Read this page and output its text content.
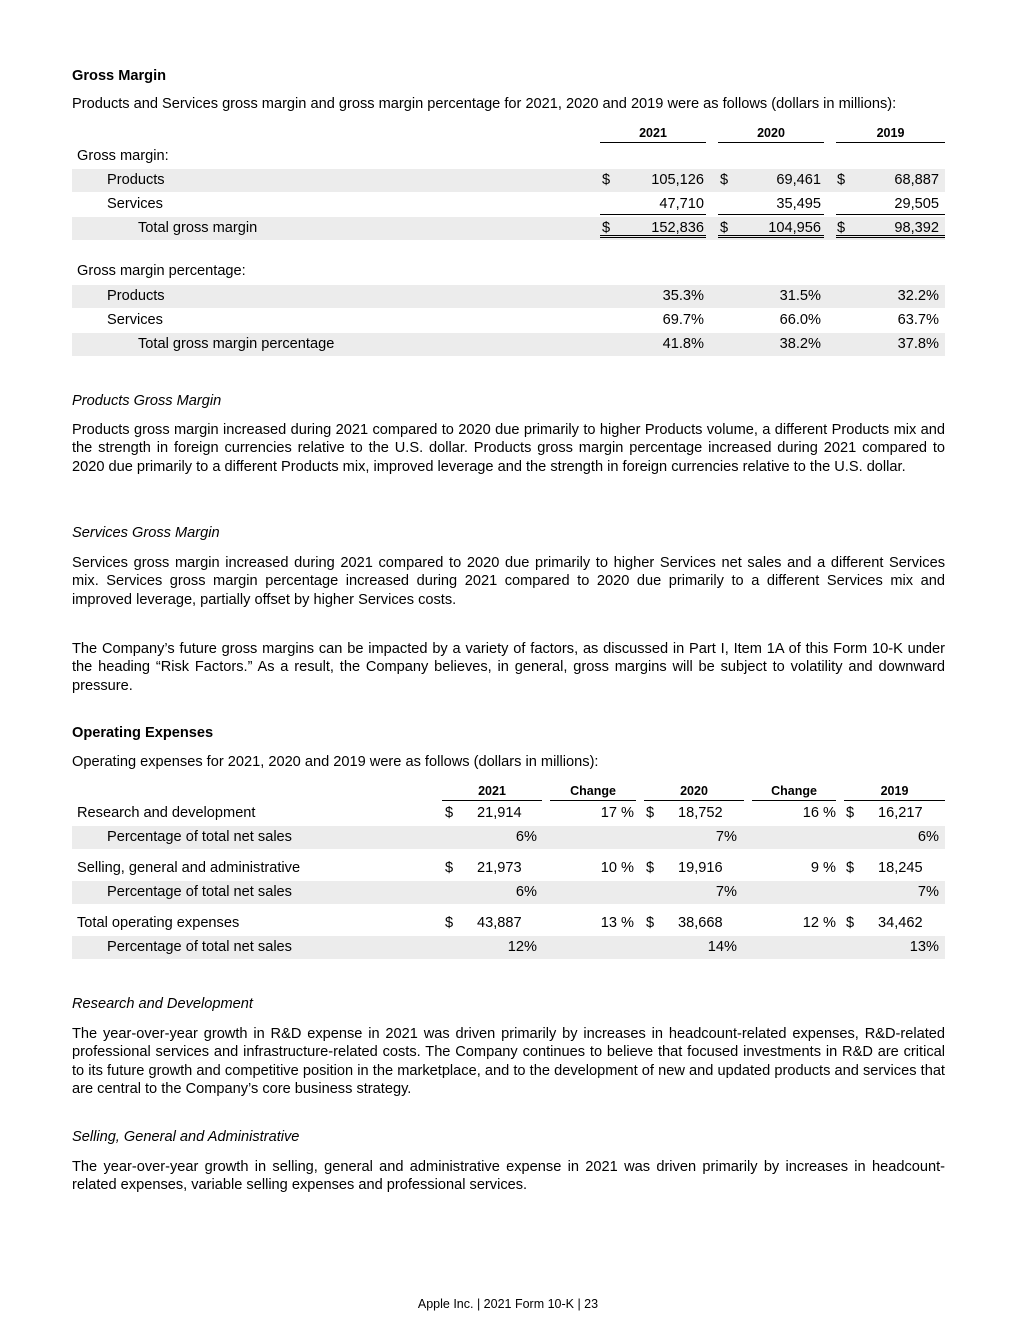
Gross Margin
Products and Services gross margin and gross margin percentage for 2021, 2020 and 2019 were as follows (dollars in millions):
2021	2020	2019
Gross margin:
Products	$	105,126 $	69,461 $	68,887
Services	47,710	35,495	29,505
Total gross margin	$	152,836 $	104,956 $	98,392
Gross margin percentage:
Products	35.3%	31.5%	32.2%
Services	69.7%	66.0%	63.7%
Total gross margin percentage	41.8%	38.2%	37.8%
Products Gross Margin
Products gross margin increased during 2021 compared to 2020 due primarily to higher Products volume, a different Products mix and the strength in foreign currencies relative to the U.S. dollar. Products gross margin percentage increased during 2021 compared to 2020 due primarily to a different Products mix, improved leverage and the strength in foreign currencies relative to the U.S. dollar.
Services Gross Margin
Services gross margin increased during 2021 compared to 2020 due primarily to higher Services net sales and a different Services mix. Services gross margin percentage increased during 2021 compared to 2020 due primarily to a different Services mix and improved leverage, partially offset by higher Services costs.
The Company’s future gross margins can be impacted by a variety of factors, as discussed in Part I, Item 1A of this Form 10-K under the heading “Risk Factors.” As a result, the Company believes, in general, gross margins will be subject to volatility and downward pressure.
Operating Expenses
Operating expenses for 2021, 2020 and 2019 were as follows (dollars in millions):
2021	Change	2020	Change	2019
Research and development	$ 21,914	17 % $ 18,752	16 % $ 16,217
Percentage of total net sales	6%	7%	6%
Selling, general and administrative	$ 21,973	10 % $ 19,916	9 % $ 18,245
Percentage of total net sales	6%	7%	7%
Total operating expenses	$ 43,887	13 % $ 38,668	12 % $ 34,462
Percentage of total net sales	12%	14%	13%
Research and Development
The year-over-year growth in R&D expense in 2021 was driven primarily by increases in headcount-related expenses, R&D-related professional services and infrastructure-related costs. The Company continues to believe that focused investments in R&D are critical to its future growth and competitive position in the marketplace, and to the development of new and updated products and services that are central to the Company’s core business strategy.
Selling, General and Administrative
The year-over-year growth in selling, general and administrative expense in 2021 was driven primarily by increases in headcount-related expenses, variable selling expenses and professional services.
Apple Inc. | 2021 Form 10-K | 23
